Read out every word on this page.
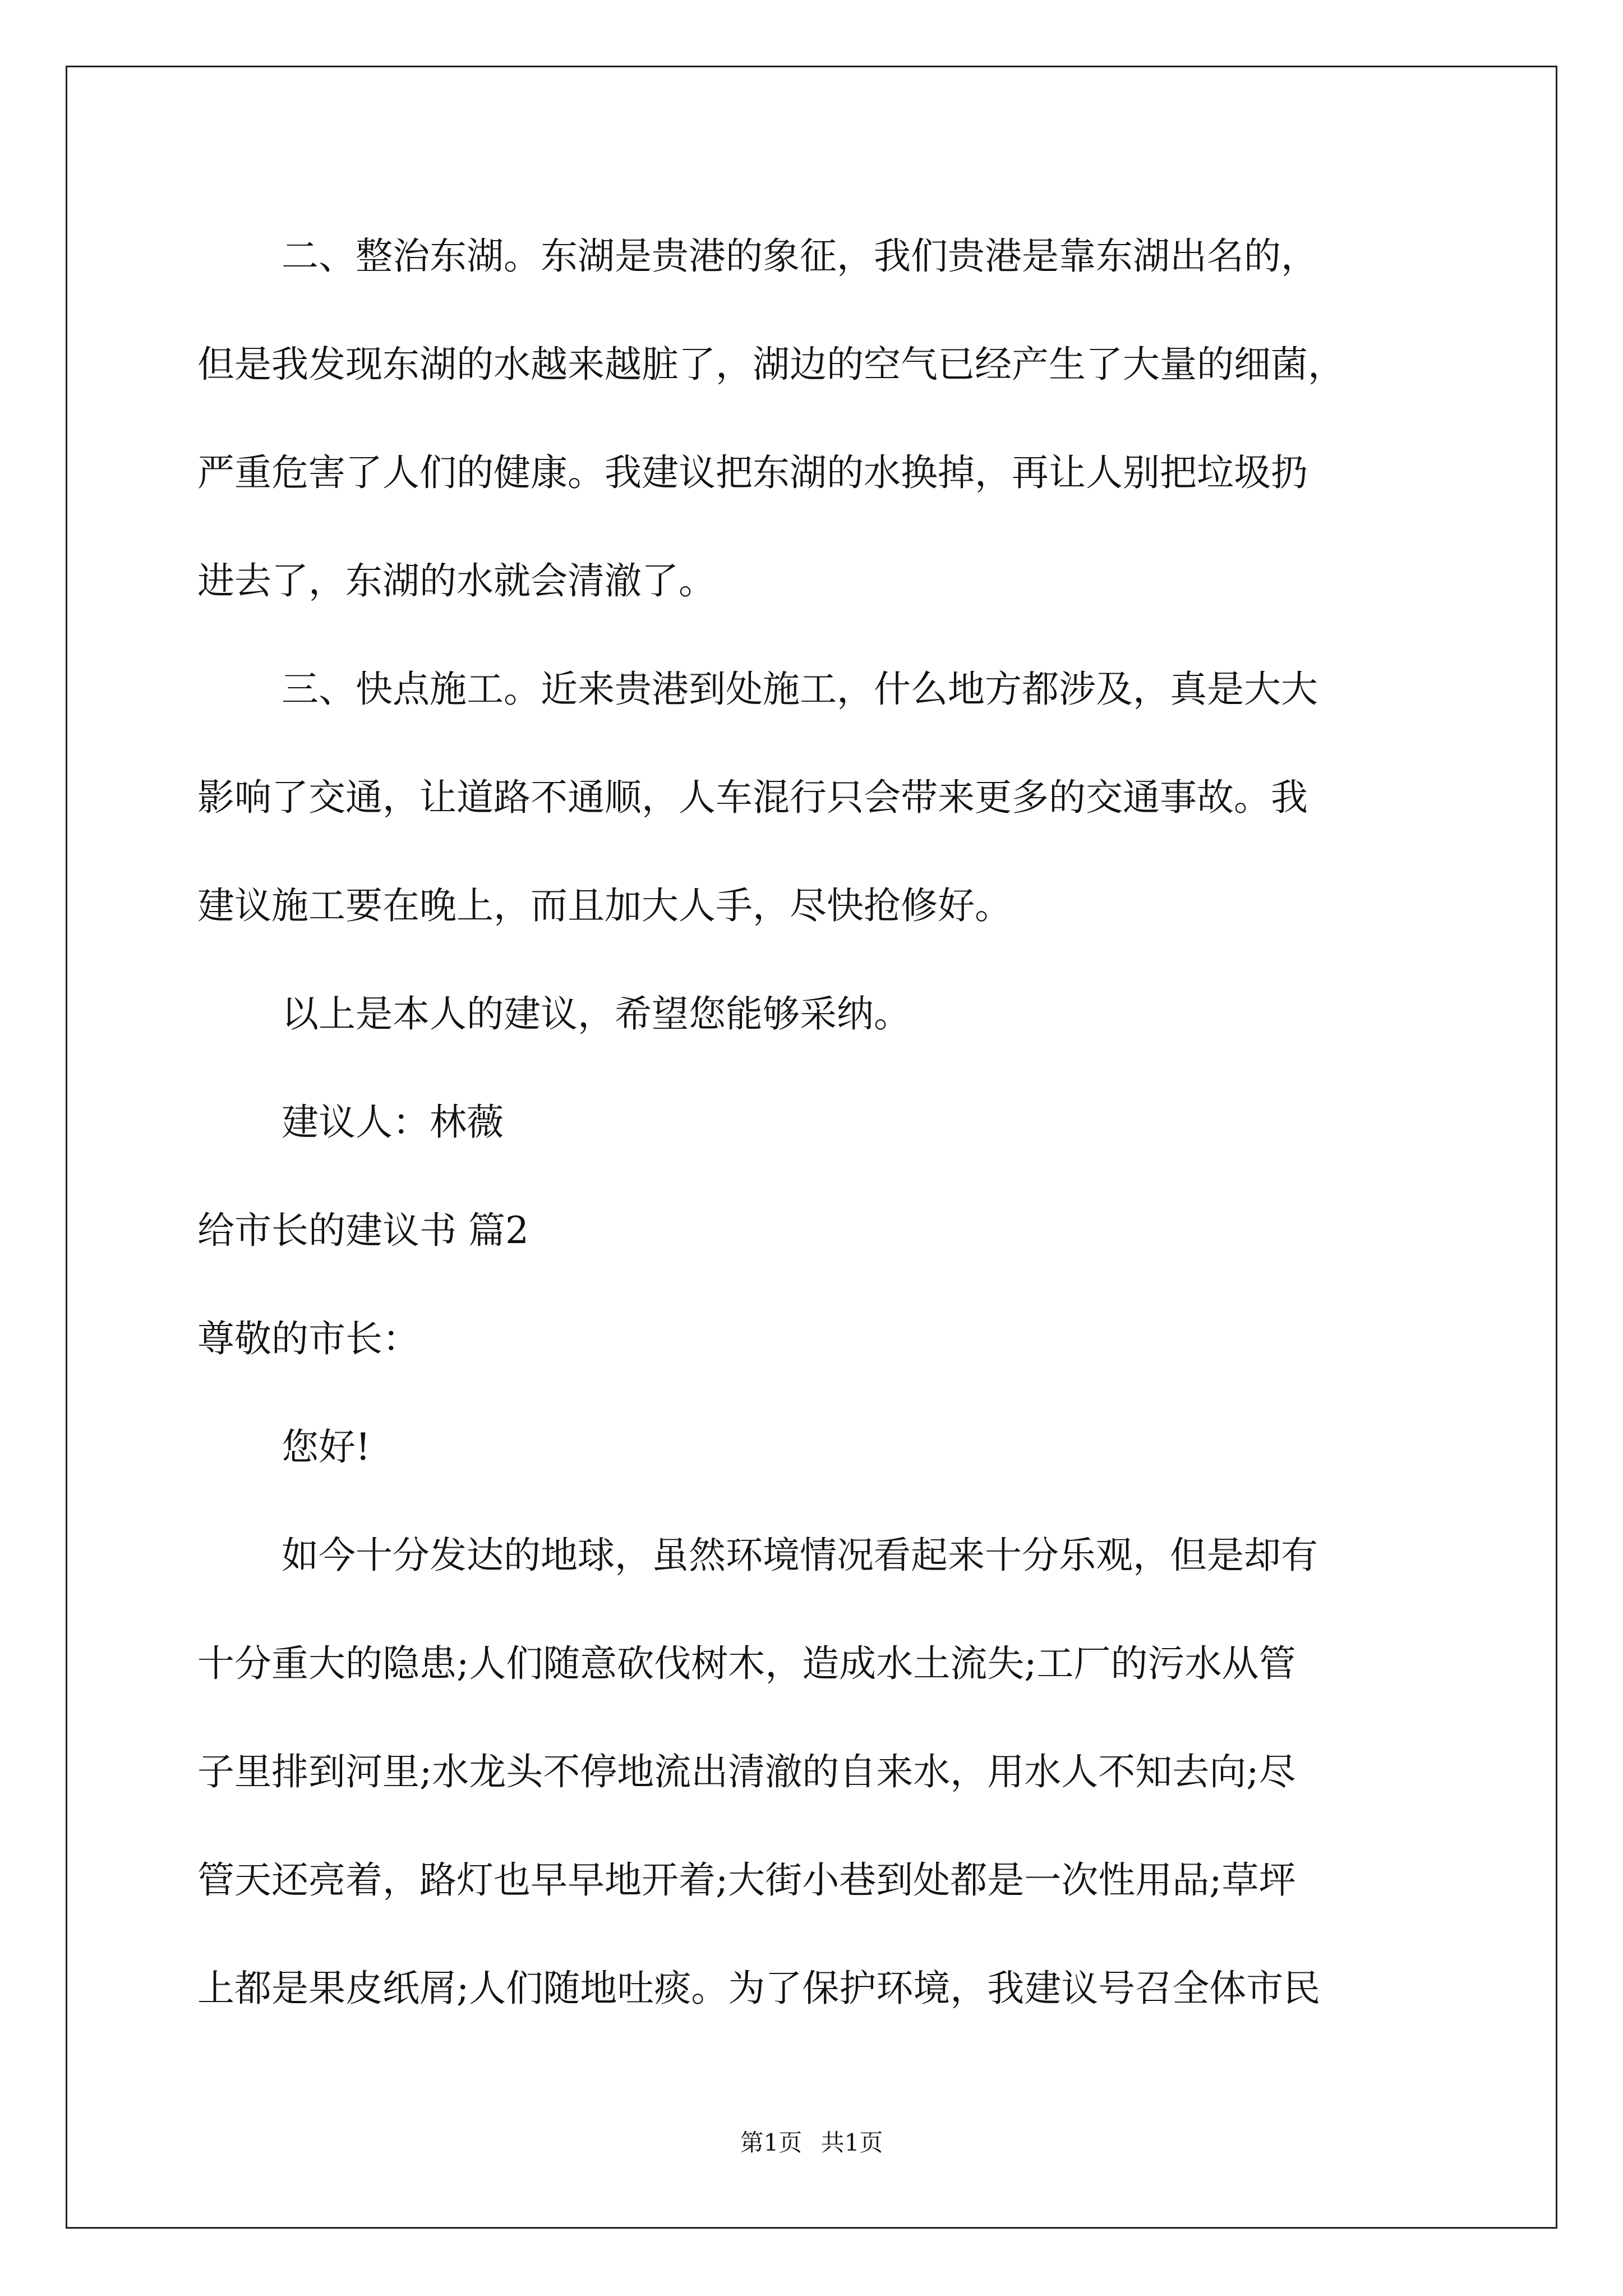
二、整治东湖。东湖是贵港的象征，我们贵港是靠东湖出名的，
但是我发现东湖的水越来越脏了，湖边的空气已经产生了大量的细菌，
严重危害了人们的健康。我建议把东湖的水换掉，再让人别把垃圾扔
进去了，东湖的水就会清澈了。
三、快点施工。近来贵港到处施工，什么地方都涉及，真是大大
影响了交通，让道路不通顺，人车混行只会带来更多的交通事故。我
建议施工要在晚上，而且加大人手，尽快抢修好。
以上是本人的建议，希望您能够采纳。
建议人：林薇
给市长的建议书 篇2
尊敬的市长：
您好!
如今十分发达的地球，虽然环境情况看起来十分乐观，但是却有
十分重大的隐患;人们随意砍伐树木，造成水土流失;工厂的污水从管
子里排到河里;水龙头不停地流出清澈的自来水，用水人不知去向;尽
管天还亮着，路灯也早早地开着;大街小巷到处都是一次性用品;草坪
上都是果皮纸屑;人们随地吐痰。为了保护环境，我建议号召全体市民
第1页 共1页
